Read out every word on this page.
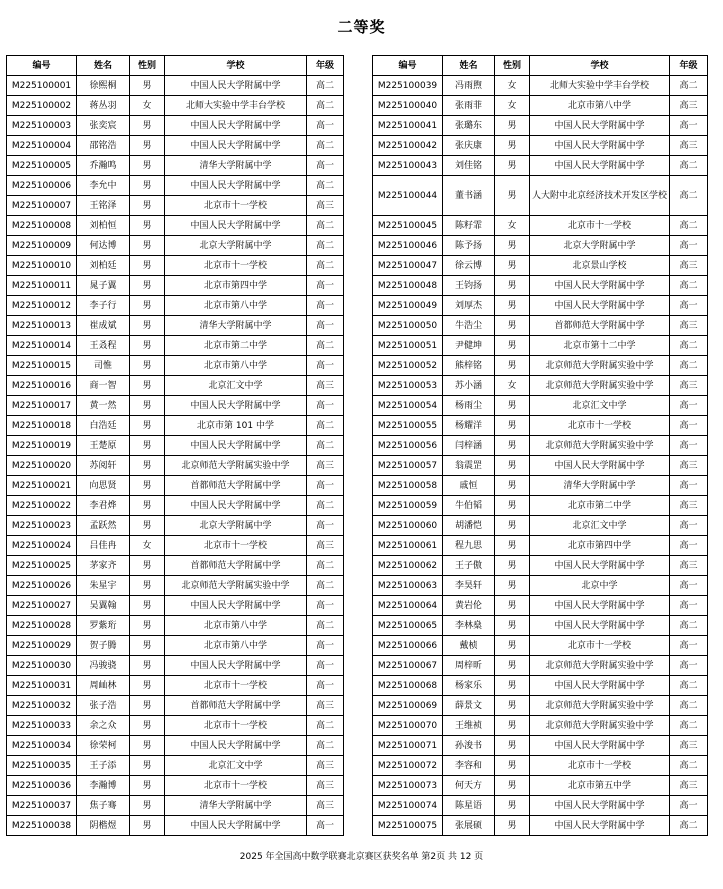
二等奖
编号	姓名	性别	学校	年级
M225100001	徐熙桐	男	中国人民大学附属中学	高二
M225100002	蒋丛羽	女	北师大实验中学丰台学校	高二
M225100003	张奕宸	男	中国人民大学附属中学	高一
M225100004	邵铭浩	男	中国人民大学附属中学	高二
M225100005	乔瀚鸣	男	清华大学附属中学	高一
M225100006	李允中	男	中国人民大学附属中学	高二
M225100007	王铭泽	男	北京市十一学校	高三
M225100008	刘柏恒	男	中国人民大学附属中学	高二
M225100009	何达博	男	北京大学附属中学	高二
M225100010	刘柏廷	男	北京市十一学校	高二
M225100011	晁子翼	男	北京市第四中学	高一
M225100012	李子行	男	北京市第八中学	高一
M225100013	崔成斌	男	清华大学附属中学	高一
M225100014	王叒程	男	北京市第二中学	高二
M225100015	司惟	男	北京市第八中学	高一
M225100016	商一智	男	北京汇文中学	高三
M225100017	黄一然	男	中国人民大学附属中学	高一
M225100018	白浩廷	男	北京市第 101 中学	高二
M225100019	王楚原	男	中国人民大学附属中学	高二
M225100020	苏阅轩	男	北京师范大学附属实验中学	高三
M225100021	向思贤	男	首都师范大学附属中学	高一
M225100022	李君烨	男	中国人民大学附属中学	高二
M225100023	孟跃然	男	北京大学附属中学	高一
M225100024	吕佳冉	女	北京市十一学校	高三
M225100025	茅家齐	男	首都师范大学附属中学	高二
M225100026	朱星宇	男	北京师范大学附属实验中学	高二
M225100027	吴翼翰	男	中国人民大学附属中学	高一
M225100028	罗紫珩	男	北京市第八中学	高二
M225100029	贺子腾	男	北京市第八中学	高一
M225100030	冯骏骁	男	中国人民大学附属中学	高一
M225100031	周屾林	男	北京市十一学校	高一
M225100032	张子浩	男	首都师范大学附属中学	高三
M225100033	余之众	男	北京市十一学校	高二
M225100034	徐荣柯	男	中国人民大学附属中学	高二
M225100035	王子添	男	北京汇文中学	高三
M225100036	李瀚博	男	北京市十一学校	高三
M225100037	焦子骞	男	清华大学附属中学	高三
M225100038	阴楷煜	男	中国人民大学附属中学	高一
编号	姓名	性别	学校	年级
M225100039	冯雨煦	女	北师大实验中学丰台学校	高二
M225100040	张雨菲	女	北京市第八中学	高三
M225100041	张璐东	男	中国人民大学附属中学	高一
M225100042	张庆康	男	中国人民大学附属中学	高三
M225100043	刘佳铭	男	中国人民大学附属中学	高二
M225100044	董书涵	男	人大附中北京经济技术开发区学校	高二
M225100045	陈籽霏	女	北京市十一学校	高二
M225100046	陈予扬	男	北京大学附属中学	高一
M225100047	徐云博	男	北京景山学校	高三
M225100048	王钧扬	男	中国人民大学附属中学	高二
M225100049	刘厚杰	男	中国人民大学附属中学	高一
M225100050	牛浩尘	男	首都师范大学附属中学	高三
M225100051	尹健坤	男	北京市第十二中学	高二
M225100052	熊梓铭	男	北京师范大学附属实验中学	高二
M225100053	苏小涵	女	北京师范大学附属实验中学	高三
M225100054	杨雨尘	男	北京汇文中学	高一
M225100055	杨耀洋	男	北京市十一学校	高一
M225100056	闫梓涵	男	北京师范大学附属实验中学	高一
M225100057	翁震罡	男	中国人民大学附属中学	高三
M225100058	戚恒	男	清华大学附属中学	高一
M225100059	牛伯韬	男	北京市第二中学	高三
M225100060	胡潘恺	男	北京汇文中学	高一
M225100061	程九思	男	北京市第四中学	高一
M225100062	王子傲	男	中国人民大学附属中学	高三
M225100063	李昊轩	男	北京中学	高一
M225100064	黄岩伦	男	中国人民大学附属中学	高一
M225100065	李林燊	男	中国人民大学附属中学	高二
M225100066	戴桢	男	北京市十一学校	高一
M225100067	周梓昕	男	北京师范大学附属实验中学	高一
M225100068	杨家乐	男	中国人民大学附属中学	高二
M225100069	薛景文	男	北京师范大学附属实验中学	高二
M225100070	王维祯	男	北京师范大学附属实验中学	高二
M225100071	孙浚书	男	中国人民大学附属中学	高三
M225100072	李容和	男	北京市十一学校	高二
M225100073	何天方	男	北京市第五中学	高三
M225100074	陈星语	男	中国人民大学附属中学	高一
M225100075	张展硕	男	中国人民大学附属中学	高二
2025 年全国高中数学联赛北京赛区获奖名单 第2页 共 12 页
